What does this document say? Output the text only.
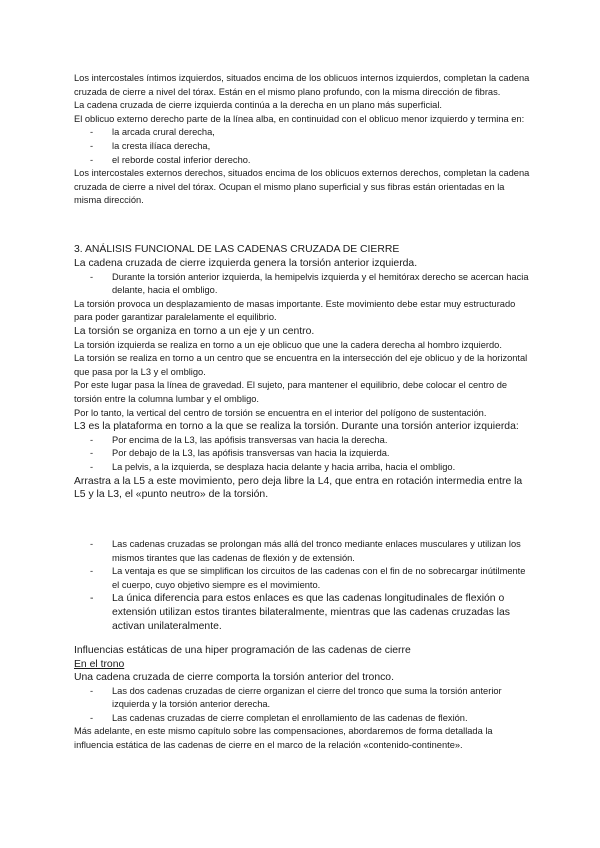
Los intercostales íntimos izquierdos, situados encima de los oblicuos internos izquierdos, completan la cadena cruzada de cierre a nivel del tórax. Están en el mismo plano profundo, con la misma dirección de fibras.

La cadena cruzada de cierre izquierda continúa a la derecha en un plano más superficial.

El oblicuo externo derecho parte de la línea alba, en continuidad con el oblicuo menor izquierdo y termina en:

- la arcada crural derecha,

- la cresta ilíaca derecha,

- el reborde costal inferior derecho.

Los intercostales externos derechos, situados encima de los oblicuos externos derechos, completan la cadena cruzada de cierre a nivel del tórax. Ocupan el mismo plano superficial y sus fibras están orientadas en la misma dirección.

3. ANÁLISIS FUNCIONAL DE LAS CADENAS CRUZADA DE CIERRE

La cadena cruzada de cierre izquierda genera la torsión anterior izquierda.

- Durante la torsión anterior izquierda, la hemipelvis izquierda y el hemitórax derecho se acercan hacia delante, hacia el ombligo.

La torsión provoca un desplazamiento de masas importante. Este movimiento debe estar muy estructurado para poder garantizar paralelamente el equilibrio.

La torsión se organiza en torno a un eje y un centro.

La torsión izquierda se realiza en torno a un eje oblicuo que une la cadera derecha al hombro izquierdo.

La torsión se realiza en torno a un centro que se encuentra en la intersección del eje oblicuo y de la horizontal que pasa por la L3 y el ombligo.

Por este lugar pasa la línea de gravedad. El sujeto, para mantener el equilibrio, debe colocar el centro de torsión entre la columna lumbar y el ombligo.

Por lo tanto, la vertical del centro de torsión se encuentra en el interior del polígono de sustentación.

L3 es la plataforma en torno a la que se realiza la torsión. Durante una torsión anterior izquierda:

- Por encima de la L3, las apófisis transversas van hacia la derecha.

- Por debajo de la L3, las apófisis transversas van hacia la izquierda.

- La pelvis, a la izquierda, se desplaza hacia delante y hacia arriba, hacia el ombligo.

Arrastra a la L5 a este movimiento, pero deja libre la L4, que entra en rotación intermedia entre la L5 y la L3, el «punto neutro» de la torsión.

- Las cadenas cruzadas se prolongan más allá del tronco mediante enlaces musculares y utilizan los mismos tirantes que las cadenas de flexión y de extensión.

- La ventaja es que se simplifican los circuitos de las cadenas con el fin de no sobrecargar inútilmente el cuerpo, cuyo objetivo siempre es el movimiento.

- La única diferencia para estos enlaces es que las cadenas longitudinales de flexión o extensión utilizan estos tirantes bilateralmente, mientras que las cadenas cruzadas las activan unilateralmente.

Influencias estáticas de una hiper programación de las cadenas de cierre

En el trono

Una cadena cruzada de cierre comporta la torsión anterior del tronco.

- Las dos cadenas cruzadas de cierre organizan el cierre del tronco que suma la torsión anterior izquierda y la torsión anterior derecha.

- Las cadenas cruzadas de cierre completan el enrollamiento de las cadenas de flexión.

Más adelante, en este mismo capítulo sobre las compensaciones, abordaremos de forma detallada la influencia estática de las cadenas de cierre en el marco de la relación «contenido-continente».
